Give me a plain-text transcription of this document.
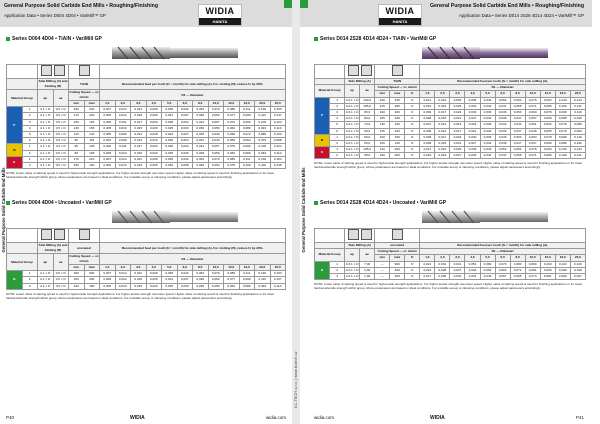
General Purpose Solid Carbide End Mills • Roughing/Finishing
Application Data • Series D004 4D04 • VariMill™ GP	WIDIA
HANITA
Series D004 4D04 • TiAlN • VariMill GP

		Side Milling (A) and Slotting (B)		TiAlN		Recommended feed per tooth (fz = mm/th) for side milling (A). For slotting (B), reduce fz by 20%.											
Material Group		ap	ae	Cutting Speed — vc m/min		D1 — Diameter											
				min	max	1,0	2,0	3,0	4,0	5,0	6,0	8,0	10,0	12,0	16,0	20,0	25,0
P	1	A 1 × D	0,5 × D	190	240	0,007	0,014	0,021	0,028	0,035	0,042	0,054	0,070	0,086	0,111	0,130	0,153
	2	A 1 × D	0,5 × D	170	220	0,006	0,012	0,018	0,025	0,031	0,037	0,048	0,062	0,077	0,099	0,116	0,137
	3	A 1 × D	0,5 × D	150	190	0,006	0,011	0,017	0,023	0,028	0,034	0,044	0,057	0,070	0,090	0,106	0,124
	4	A 1 × D	0,5 × D	130	165	0,005	0,010	0,015	0,020	0,025	0,030	0,039	0,050	0,062	0,080	0,094	0,110
	5	A 1 × D	0,5 × D	110	140	0,005	0,009	0,014	0,018	0,023	0,027	0,035	0,046	0,056	0,072	0,085	0,100
	6	A 1 × D	0,5 × D	90	115	0,004	0,008	0,012	0,016	0,020	0,024	0,031	0,040	0,050	0,064	0,075	0,088
M	1	A 1 × D	0,5 × D	95	125	0,006	0,011	0,017	0,023	0,028	0,034	0,044	0,057	0,070	0,090	0,106	0,124
	2	A 1 × D	0,5 × D	80	105	0,005	0,010	0,015	0,020	0,025	0,030	0,039	0,050	0,062	0,080	0,094	0,110
K	1	A 1 × D	0,5 × D	170	210	0,007	0,014	0,021	0,028	0,035	0,042	0,054	0,070	0,086	0,111	0,130	0,153
	2	A 1 × D	0,5 × D	150	190	0,006	0,013	0,019	0,025	0,032	0,038	0,049	0,063	0,078	0,100	0,118	0,138
NOTE: Lower value of starting speed is used for high-tensile strength applications. For higher-tensile strength use lower speed. Higher value of starting speed is used for finishing applications or for lower hardness/tensile strength within group. Above parameters are based on ideal conditions. For unstable set-up or clamping conditions, please adjust parameters accordingly.
Series D004 4D04 • Uncoated • VariMill GP

		Side Milling (A) and Slotting (B)		uncoated		Recommended feed per tooth (fz = mm/th) for side milling (A). For slotting (B), reduce fz by 20%.											
Material Group		ap	ae	Cutting Speed — vc m/min		D1 — Diameter											
				min	max	1,0	2,0	3,0	4,0	5,0	6,0	8,0	10,0	12,0	16,0	20,0	25,0
N	1	A 1 × D	0,5 × D	300	600	0,007	0,014	0,021	0,028	0,035	0,042	0,054	0,070	0,086	0,111	0,130	0,153
	2	A 1 × D	0,5 × D	150	300	0,006	0,012	0,018	0,025	0,031	0,037	0,048	0,062	0,077	0,099	0,116	0,137
	3	A 1 × D	0,5 × D	120	180	0,005	0,010	0,015	0,020	0,025	0,030	0,039	0,050	0,062	0,080	0,094	0,110
NOTE: Lower value of starting speed is used for high-tensile strength applications. For higher-tensile strength use lower speed. Higher value of starting speed is used for finishing applications or for lower hardness/tensile strength within group. Above parameters are based on ideal conditions. For unstable set-up or clamping conditions, please adjust parameters accordingly.
General Purpose Solid Carbide End Mills
P40	WIDIA	widia.com
KL-TECH s.r.o. | www.kl-tech.cz
WIDIA
HANITA
General Purpose Solid Carbide End Mills • Roughing/Finishing
Application Data • Series D014 2S28 4D14 4D24 • VariMill™ GP
Series D014 2S28 4D14 4D24 • TiAlN • VariMill GP

		Side Milling (A)		TiAlN			Recommended feed per tooth (fz = mm/th) for side milling (A).										
Material Group		ap	ae	Cutting Speed — vc m/min			D1 — Diameter										
				min	max	fz	1,0	2,0	3,0	4,0	5,0	6,0	8,0	10,0	12,0	16,0	20,0
P	1	A 0,1 × D	120,0	240	330	fz	0,011	0,021	0,029	0,036	0,044	0,052	0,064	0,078	0,094	0,120	0,144
	2	A 0,1 × D	105,0	215	295	fz	0,010	0,019	0,026	0,033	0,040	0,047	0,058	0,071	0,086	0,109	0,131
	3	A 0,1 × D	95,0	190	260	fz	0,009	0,017	0,024	0,030	0,036	0,043	0,053	0,064	0,078	0,099	0,119
	4	A 0,1 × D	80,0	165	225	fz	0,008	0,015	0,021	0,027	0,032	0,038	0,047	0,057	0,069	0,088	0,106
	5	A 0,1 × D	70,0	140	195	fz	0,007	0,014	0,019	0,024	0,029	0,034	0,042	0,051	0,062	0,079	0,095
	6	A 0,1 × D	60,0	115	160	fz	0,006	0,012	0,017	0,021	0,026	0,030	0,037	0,046	0,055	0,070	0,084
M	1	A 0,1 × D	60,0	120	165	fz	0,009	0,017	0,024	0,030	0,036	0,043	0,053	0,064	0,078	0,099	0,119
	2	A 0,1 × D	50,0	100	140	fz	0,008	0,015	0,021	0,027	0,032	0,038	0,047	0,057	0,069	0,088	0,106
K	1	A 0,1 × D	105,0	210	290	fz	0,011	0,021	0,029	0,036	0,044	0,052	0,064	0,078	0,094	0,120	0,144
	2	A 0,1 × D	95,0	190	260	fz	0,010	0,019	0,027	0,033	0,040	0,047	0,058	0,071	0,086	0,109	0,131
NOTE: Lower value of starting speed is used for high-tensile strength applications. For higher-tensile strength use lower speed. Higher value of starting speed is used for finishing applications or for lower hardness/tensile strength within group. Above parameters are based on ideal conditions. For unstable set-up or clamping conditions, please adjust parameters accordingly.
Series D014 2S28 4D14 4D24 • Uncoated • VariMill GP

		Side Milling (A)		uncoated			Recommended feed per tooth (fz = mm/th) for side milling (A).										
Material Group		ap	ae	Cutting Speed — vc m/min			D1 — Diameter										
				min	max	fz	1,0	2,0	3,0	4,0	5,0	6,0	8,0	10,0	12,0	16,0	20,0
N	1	A 0,1 × D	7,00	—	900	fz	0,021	0,031	0,041	0,051	0,060	0,070	0,080	0,090	0,100	0,110	0,120
	2	A 0,1 × D	2,00	—	400	fz	0,019	0,028	0,037	0,046	0,054	0,063	0,072	0,081	0,090	0,099	0,108
	3	A 0,1 × D	1,00	—	200	fz	0,017	0,025	0,033	0,041	0,049	0,057	0,065	0,073	0,081	0,089	0,097
NOTE: Lower value of starting speed is used for high-tensile strength applications. For higher-tensile strength use lower speed. Higher value of starting speed is used for finishing applications or for lower hardness/tensile strength within group. Above parameters are based on ideal conditions. For unstable set-up or clamping conditions, please adjust parameters accordingly.
General Purpose Solid Carbide End Mills
widia.com	WIDIA	P41
